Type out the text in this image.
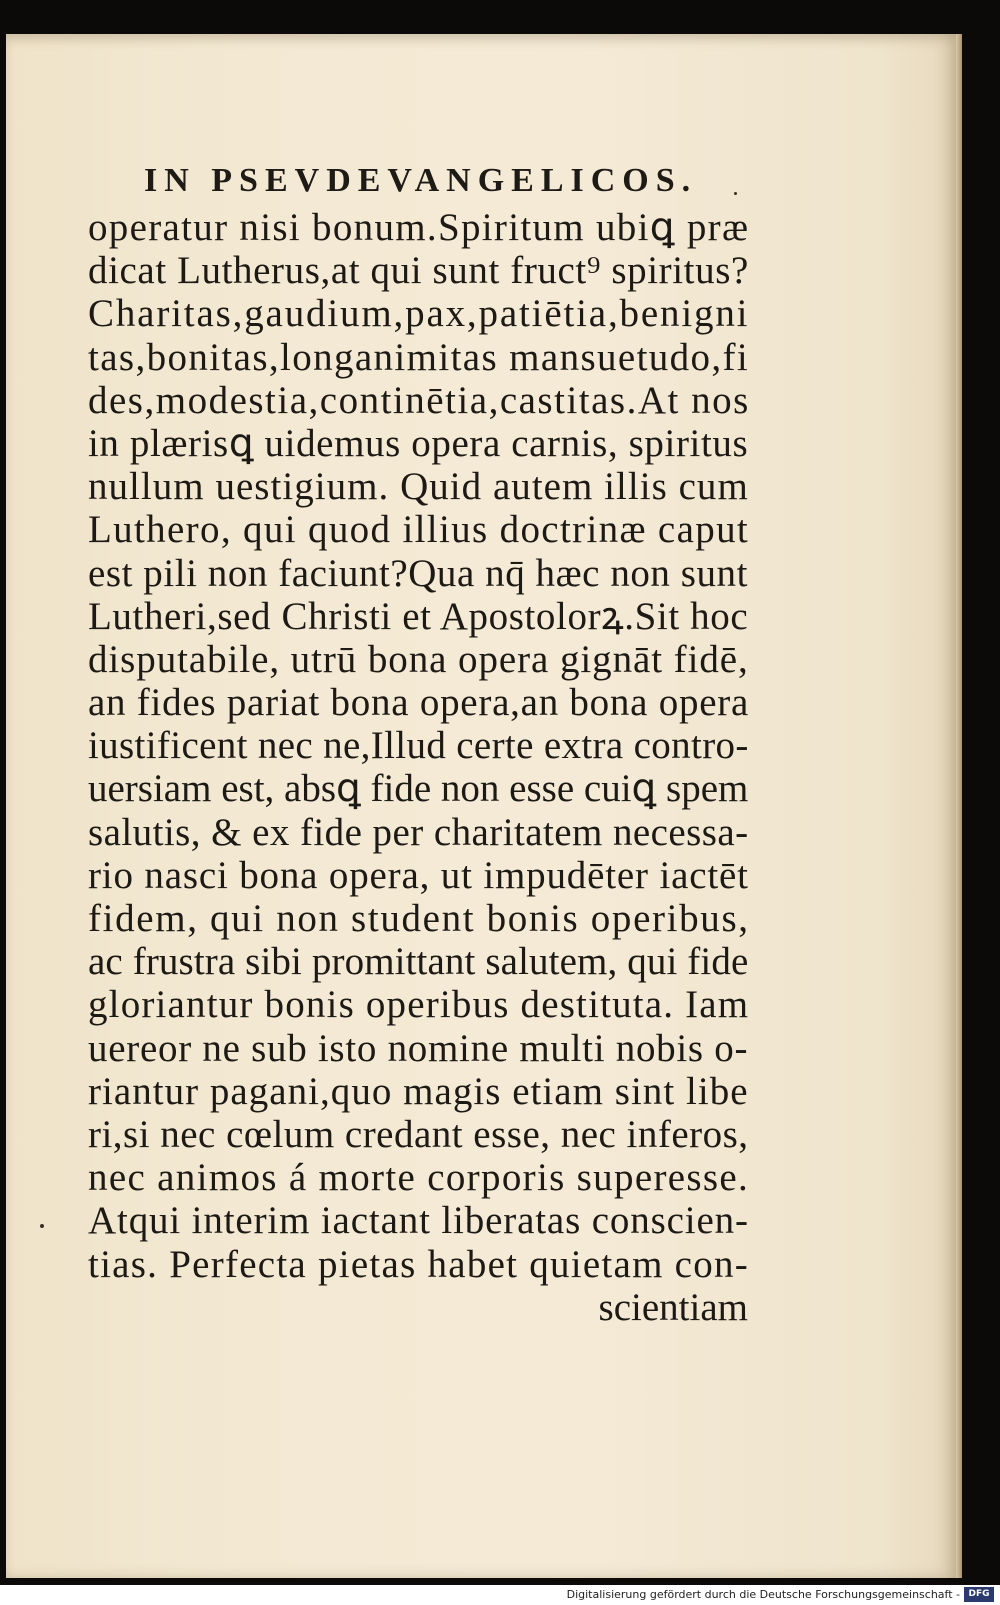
IN PSEVDEVANGELICOS.
operatur nisi bonum.Spiritum ubiꝗ præ
dicat Lutherus,at qui sunt fruct⁹ spiritus?
Charitas,gaudium,pax,patiētia,benigni
tas,bonitas,longanimitas mansuetudo,fi
des,modestia,continētia,castitas.At nos
in plærisꝗ uidemus opera carnis, spiritus
nullum uestigium. Quid autem illis cum
Luthero, qui quod illius doctrinæ caput
est pili non faciunt?Qua nq̄ hæc non sunt
Lutheri,sed Christi et Apostolorꝝ.Sit hoc
disputabile, utrū bona opera gignāt fidē,
an fides pariat bona opera,an bona opera
iustificent nec ne,Illud certe extra contro-
uersiam est, absꝗ fide non esse cuiꝗ spem
salutis, & ex fide per charitatem necessa-
rio nasci bona opera, ut impudēter iactēt
fidem, qui non student bonis operibus,
ac frustra sibi promittant salutem, qui fide
gloriantur bonis operibus destituta. Iam
uereor ne sub isto nomine multi nobis o-
riantur pagani,quo magis etiam sint libe
ri,si nec cœlum credant esse, nec inferos,
nec animos á morte corporis superesse.
Atqui interim iactant liberatas conscien-
tias. Perfecta pietas habet quietam con-
scientiam
Digitalisierung gefördert durch die Deutsche Forschungsgemeinschaft - DFG
